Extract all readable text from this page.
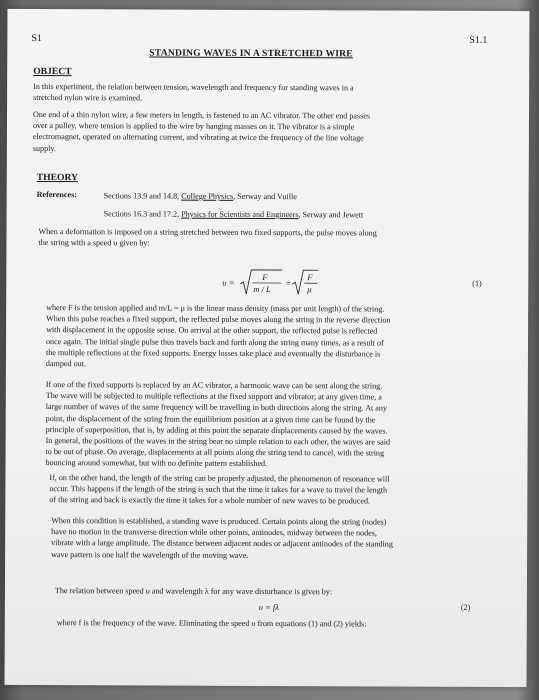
S1	S1.1
STANDING WAVES IN A STRETCHED WIRE
OBJECT
In this experiment, the relation between tension, wavelength and frequency for standing waves in a
stretched nylon wire is examined.
One end of a thin nylon wire, a few meters in length, is fastened to an AC vibrator. The other end passes
over a pulley, where tension is applied to the wire by hanging masses on it. The vibrator is a simple
electromagnet, operated on alternating current, and vibrating at twice the frequency of the line voltage
supply.
THEORY
References:	Sections 13.9 and 14.8, College Physics, Serway and Vuille
Sections 16.3 and 17.2, Physics for Scientists and Engineers, Serway and Jewett
When a deformation is imposed on a string stretched between two fixed supports, the pulse moves along
the string with a speed υ given by:
υ =
F
m / L
=
F
μ
(1)
where F is the tension applied and m/L = μ is the linear mass density (mass per unit length) of the string.
When this pulse reaches a fixed support, the reflected pulse moves along the string in the reverse direction
with displacement in the opposite sense. On arrival at the other support, the reflected pulse is reflected
once again. The initial single pulse thus travels back and forth along the string many times, as a result of
the multiple reflections at the fixed supports. Energy losses take place and eventually the disturbance is
damped out.
If one of the fixed supports is replaced by an AC vibrator, a harmonic wave can be sent along the string.
The wave will be subjected to multiple reflections at the fixed support and vibrator; at any given time, a
large number of waves of the same frequency will be travelling in both directions along the string. At any
point, the displacement of the string from the equilibrium position at a given time can be found by the
principle of superposition, that is, by adding at this point the separate displacements caused by the waves.
In general, the positions of the waves in the string bear no simple relation to each other, the waves are said
to be out of phase. On average, displacements at all points along the string tend to cancel, with the string
bouncing around somewhat, but with no definite pattern established.
If, on the other hand, the length of the string can be properly adjusted, the phenomenon of resonance will
occur. This happens if the length of the string is such that the time it takes for a wave to travel the length
of the string and back is exactly the time it takes for a whole number of new waves to be produced.
When this condition is established, a standing wave is produced. Certain points along the string (nodes)
have no motion in the transverse direction while other points, antinodes, midway between the nodes,
vibrate with a large amplitude. The distance between adjacent nodes or adjacent antinodes of the standing
wave pattern is one half the wavelength of the moving wave.
The relation between speed υ and wavelength λ for any wave disturbance is given by:
υ = fλ	(2)
where f is the frequency of the wave. Eliminating the speed υ from equations (1) and (2) yields:
